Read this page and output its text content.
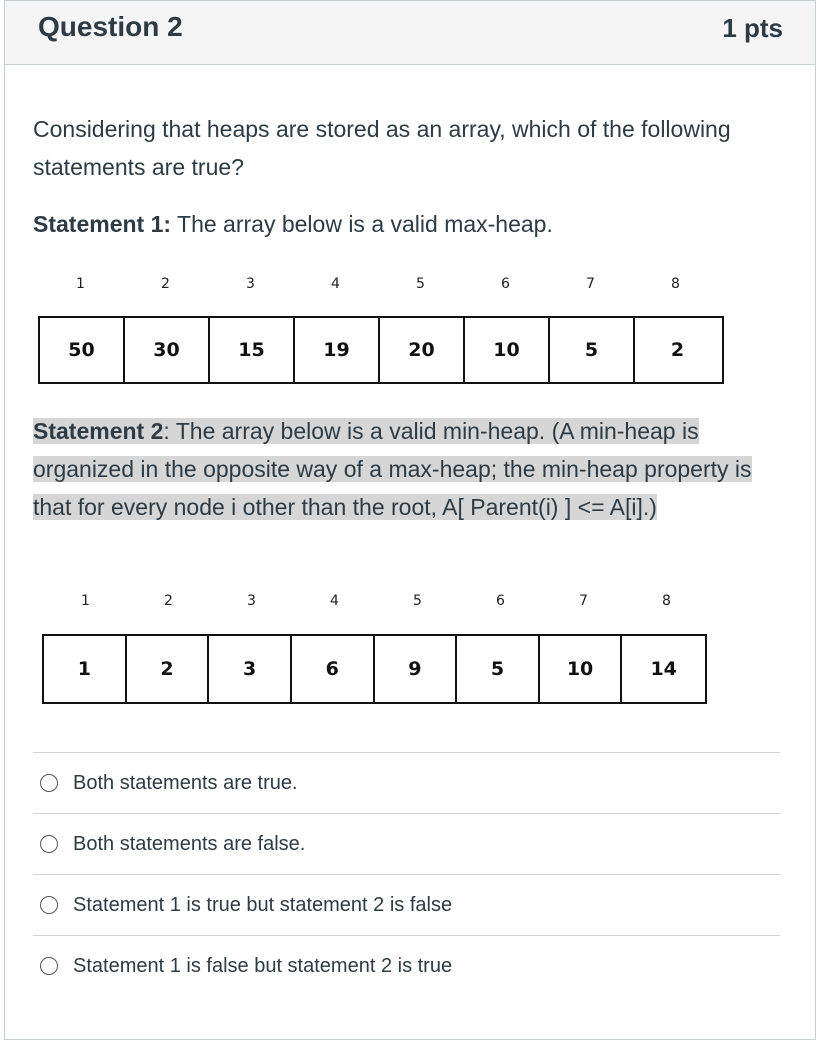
Question 2	1 pts
Considering that heaps are stored as an array, which of the following statements are true?
Statement 1: The array below is a valid max-heap.
1	2	3	4	5	6	7	8
50	30	15	19	20	10	5	2
Statement 2: The array below is a valid min-heap. (A min-heap is organized in the opposite way of a max-heap; the min-heap property is that for every node i other than the root, A[ Parent(i) ] <= A[i].)
1	2	3	4	5	6	7	8
1	2	3	6	9	5	10	14
Both statements are true.
Both statements are false.
Statement 1 is true but statement 2 is false
Statement 1 is false but statement 2 is true
